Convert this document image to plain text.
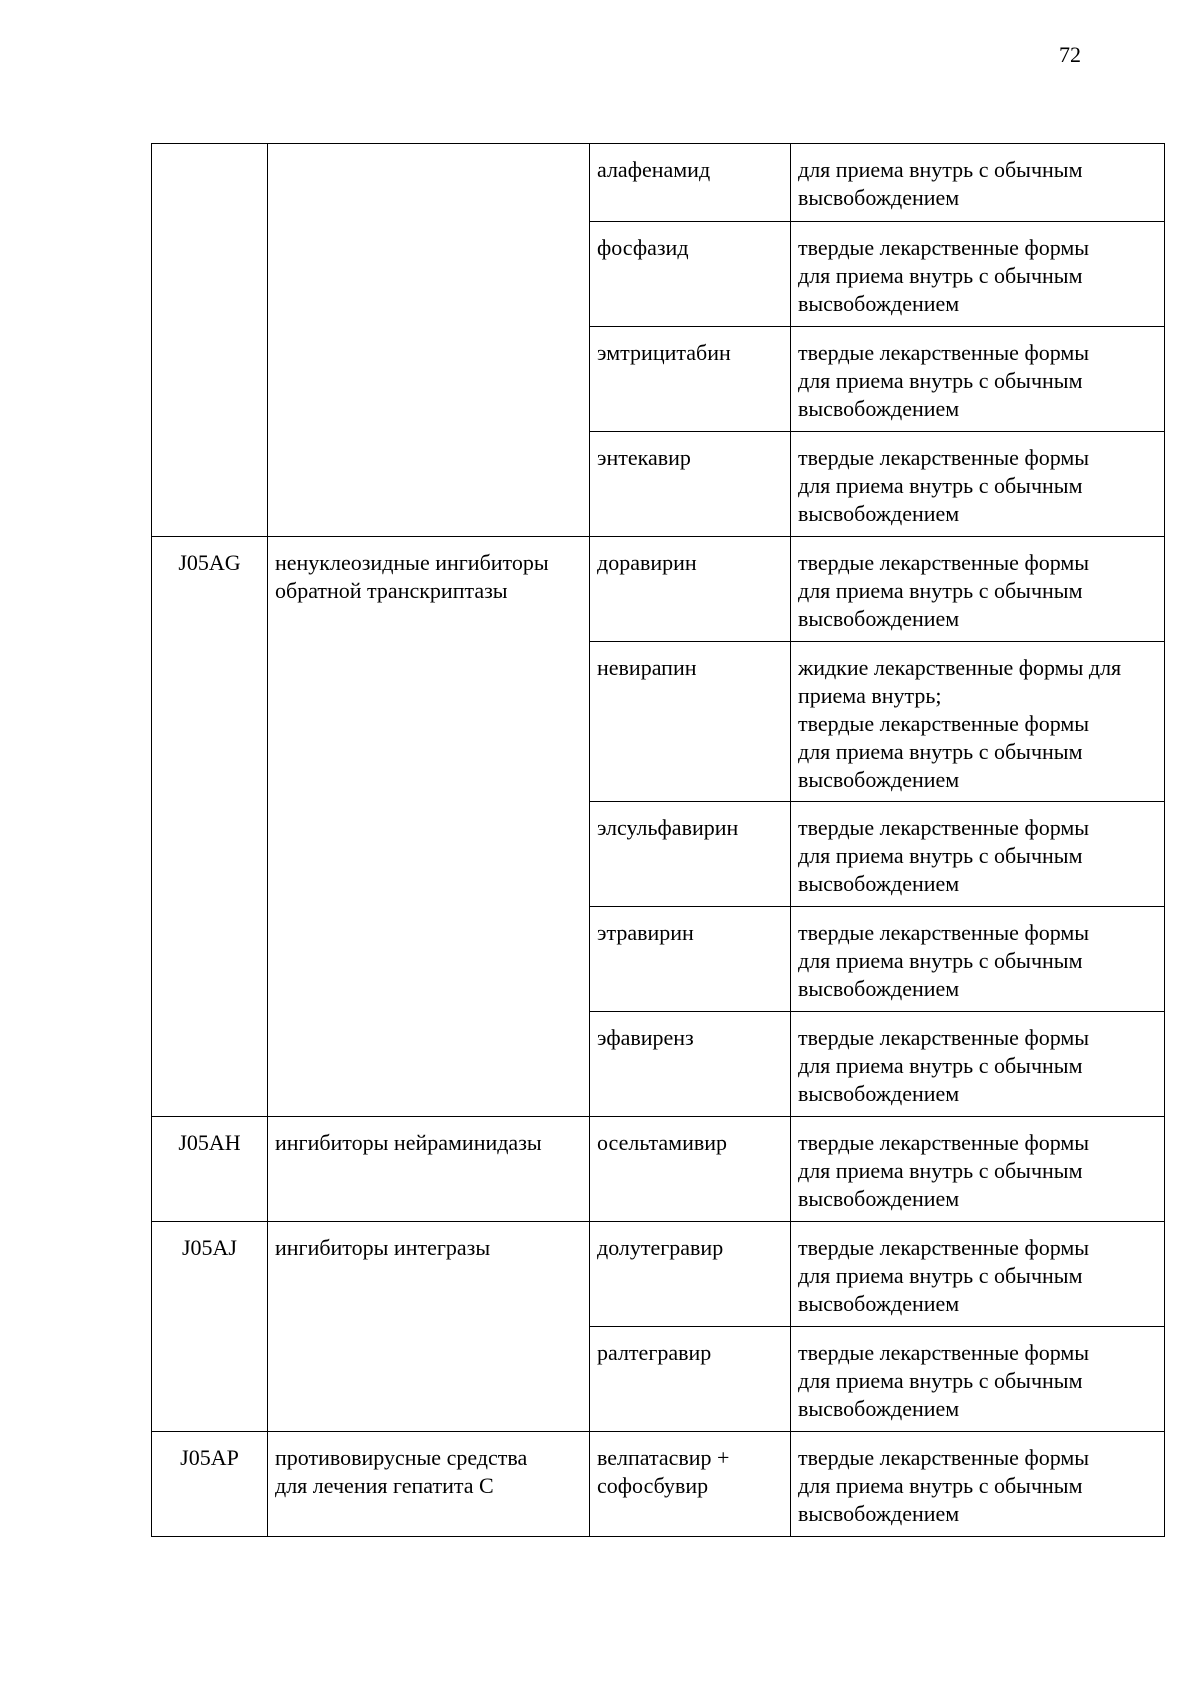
72
		алафенамид	для приема внутрь с обычным
высвобождением
		фосфазид	твердые лекарственные формы
для приема внутрь с обычным
высвобождением
		эмтрицитабин	твердые лекарственные формы
для приема внутрь с обычным
высвобождением
		энтекавир	твердые лекарственные формы
для приема внутрь с обычным
высвобождением
J05AG	ненуклеозидные ингибиторы
обратной транскриптазы	доравирин	твердые лекарственные формы
для приема внутрь с обычным
высвобождением
		невирапин	жидкие лекарственные формы для
приема внутрь;
твердые лекарственные формы
для приема внутрь с обычным
высвобождением
		элсульфавирин	твердые лекарственные формы
для приема внутрь с обычным
высвобождением
		этравирин	твердые лекарственные формы
для приема внутрь с обычным
высвобождением
		эфавиренз	твердые лекарственные формы
для приема внутрь с обычным
высвобождением
J05AH	ингибиторы нейраминидазы	осельтамивир	твердые лекарственные формы
для приема внутрь с обычным
высвобождением
J05AJ	ингибиторы интегразы	долутегравир	твердые лекарственные формы
для приема внутрь с обычным
высвобождением
		ралтегравир	твердые лекарственные формы
для приема внутрь с обычным
высвобождением
J05AP	противовирусные средства
для лечения гепатита С	велпатасвир +
софосбувир	твердые лекарственные формы
для приема внутрь с обычным
высвобождением
